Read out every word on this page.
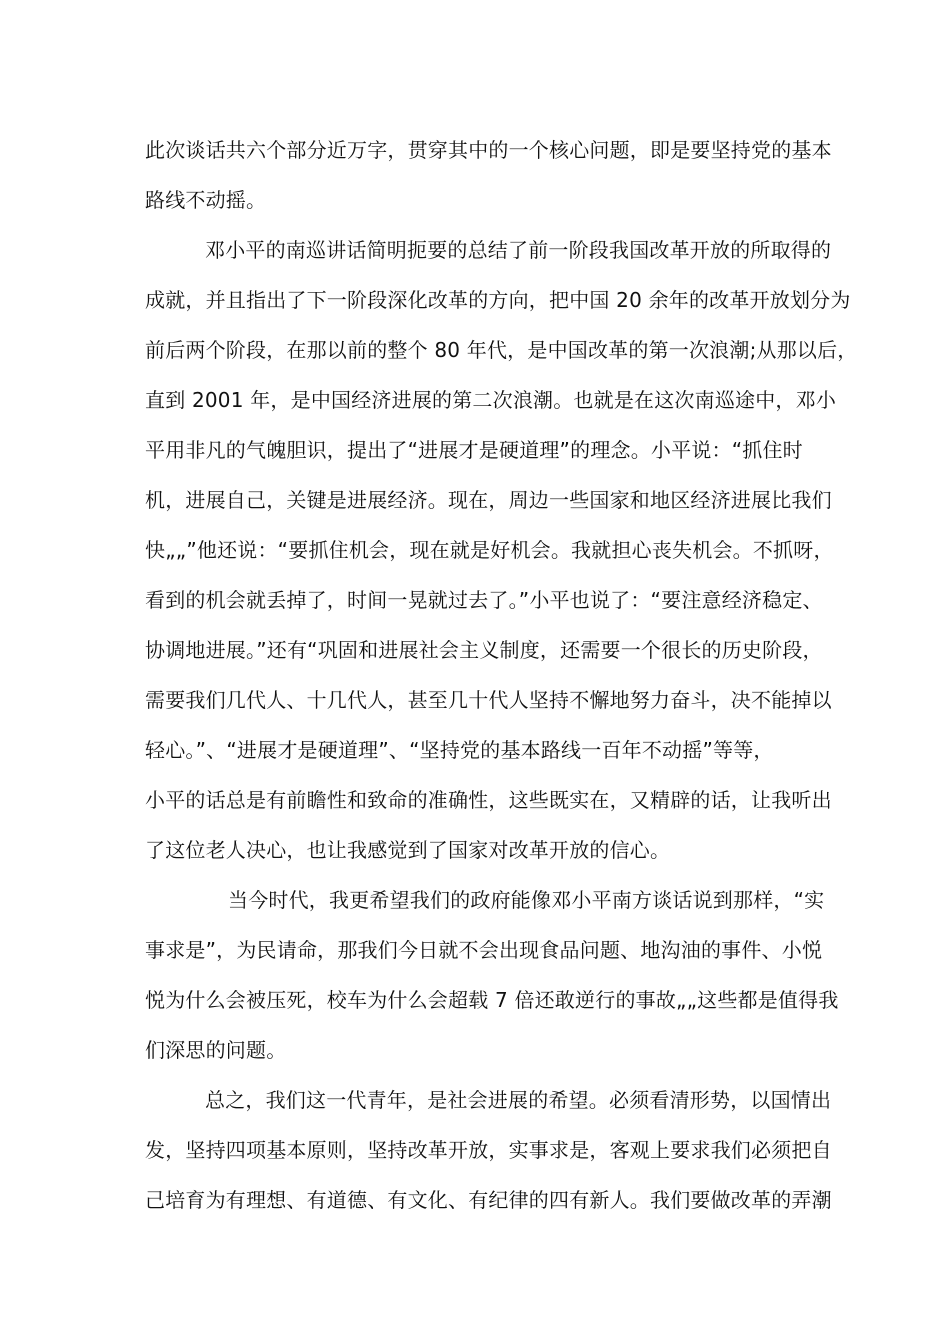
此次谈话共六个部分近万字，贯穿其中的一个核心问题，即是要坚持党的基本
路线不动摇。
邓小平的南巡讲话简明扼要的总结了前一阶段我国改革开放的所取得的
成就，并且指出了下一阶段深化改革的方向，把中国 20 余年的改革开放划分为
前后两个阶段，在那以前的整个 80 年代，是中国改革的第一次浪潮;从那以后，
直到 2001 年，是中国经济进展的第二次浪潮。也就是在这次南巡途中，邓小
平用非凡的气魄胆识，提出了“进展才是硬道理”的理念。小平说：“抓住时
机，进展自己，关键是进展经济。现在，周边一些国家和地区经济进展比我们
快„„”他还说：“要抓住机会，现在就是好机会。我就担心丧失机会。不抓呀，
看到的机会就丢掉了，时间一晃就过去了。”小平也说了：“要注意经济稳定、
协调地进展。”还有“巩固和进展社会主义制度，还需要一个很长的历史阶段，
需要我们几代人、十几代人，甚至几十代人坚持不懈地努力奋斗，决不能掉以
轻心。”、“进展才是硬道理”、“坚持党的基本路线一百年不动摇”等等，
小平的话总是有前瞻性和致命的准确性，这些既实在，又精辟的话，让我听出
了这位老人决心，也让我感觉到了国家对改革开放的信心。
当今时代，我更希望我们的政府能像邓小平南方谈话说到那样，“实
事求是”，为民请命，那我们今日就不会出现食品问题、地沟油的事件、小悦
悦为什么会被压死，校车为什么会超载 7 倍还敢逆行的事故„„这些都是值得我
们深思的问题。
总之，我们这一代青年，是社会进展的希望。必须看清形势，以国情出
发，坚持四项基本原则，坚持改革开放，实事求是，客观上要求我们必须把自
己培育为有理想、有道德、有文化、有纪律的四有新人。我们要做改革的弄潮
